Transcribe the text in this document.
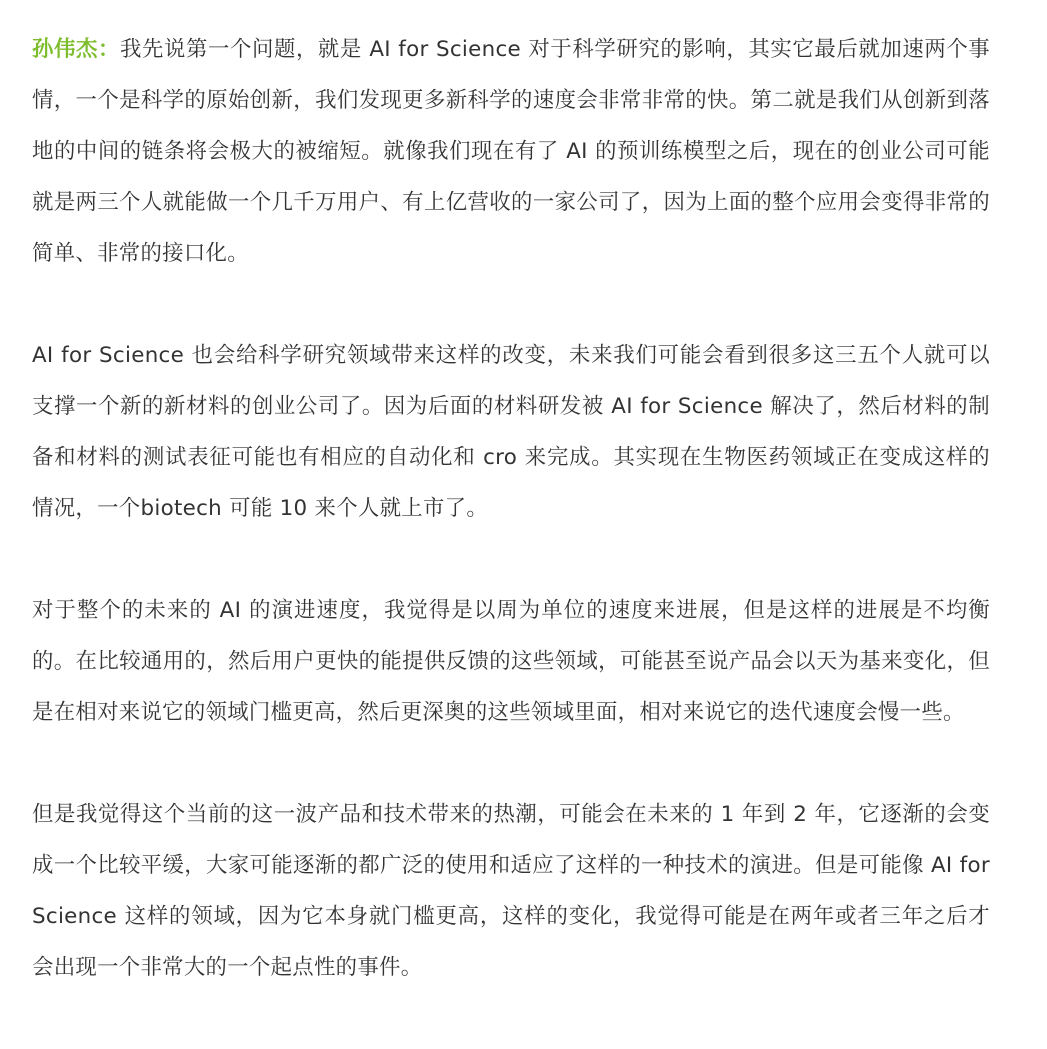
孙伟杰：我先说第一个问题，就是 AI for Science 对于科学研究的影响，其实它最后就加速两个事情，一个是科学的原始创新，我们发现更多新科学的速度会非常非常的快。第二就是我们从创新到落地的中间的链条将会极大的被缩短。就像我们现在有了 AI 的预训练模型之后，现在的创业公司可能就是两三个人就能做一个几千万用户、有上亿营收的一家公司了，因为上面的整个应用会变得非常的简单、非常的接口化。

AI for Science 也会给科学研究领域带来这样的改变，未来我们可能会看到很多这三五个人就可以支撑一个新的新材料的创业公司了。因为后面的材料研发被 AI for Science 解决了，然后材料的制备和材料的测试表征可能也有相应的自动化和 cro 来完成。其实现在生物医药领域正在变成这样的情况，一个biotech 可能 10 来个人就上市了。

对于整个的未来的 AI 的演进速度，我觉得是以周为单位的速度来进展，但是这样的进展是不均衡的。在比较通用的，然后用户更快的能提供反馈的这些领域，可能甚至说产品会以天为基来变化，但是在相对来说它的领域门槛更高，然后更深奥的这些领域里面，相对来说它的迭代速度会慢一些。

但是我觉得这个当前的这一波产品和技术带来的热潮，可能会在未来的 1 年到 2 年，它逐渐的会变成一个比较平缓，大家可能逐渐的都广泛的使用和适应了这样的一种技术的演进。但是可能像 AI for Science 这样的领域，因为它本身就门槛更高，这样的变化，我觉得可能是在两年或者三年之后才会出现一个非常大的一个起点性的事件。
